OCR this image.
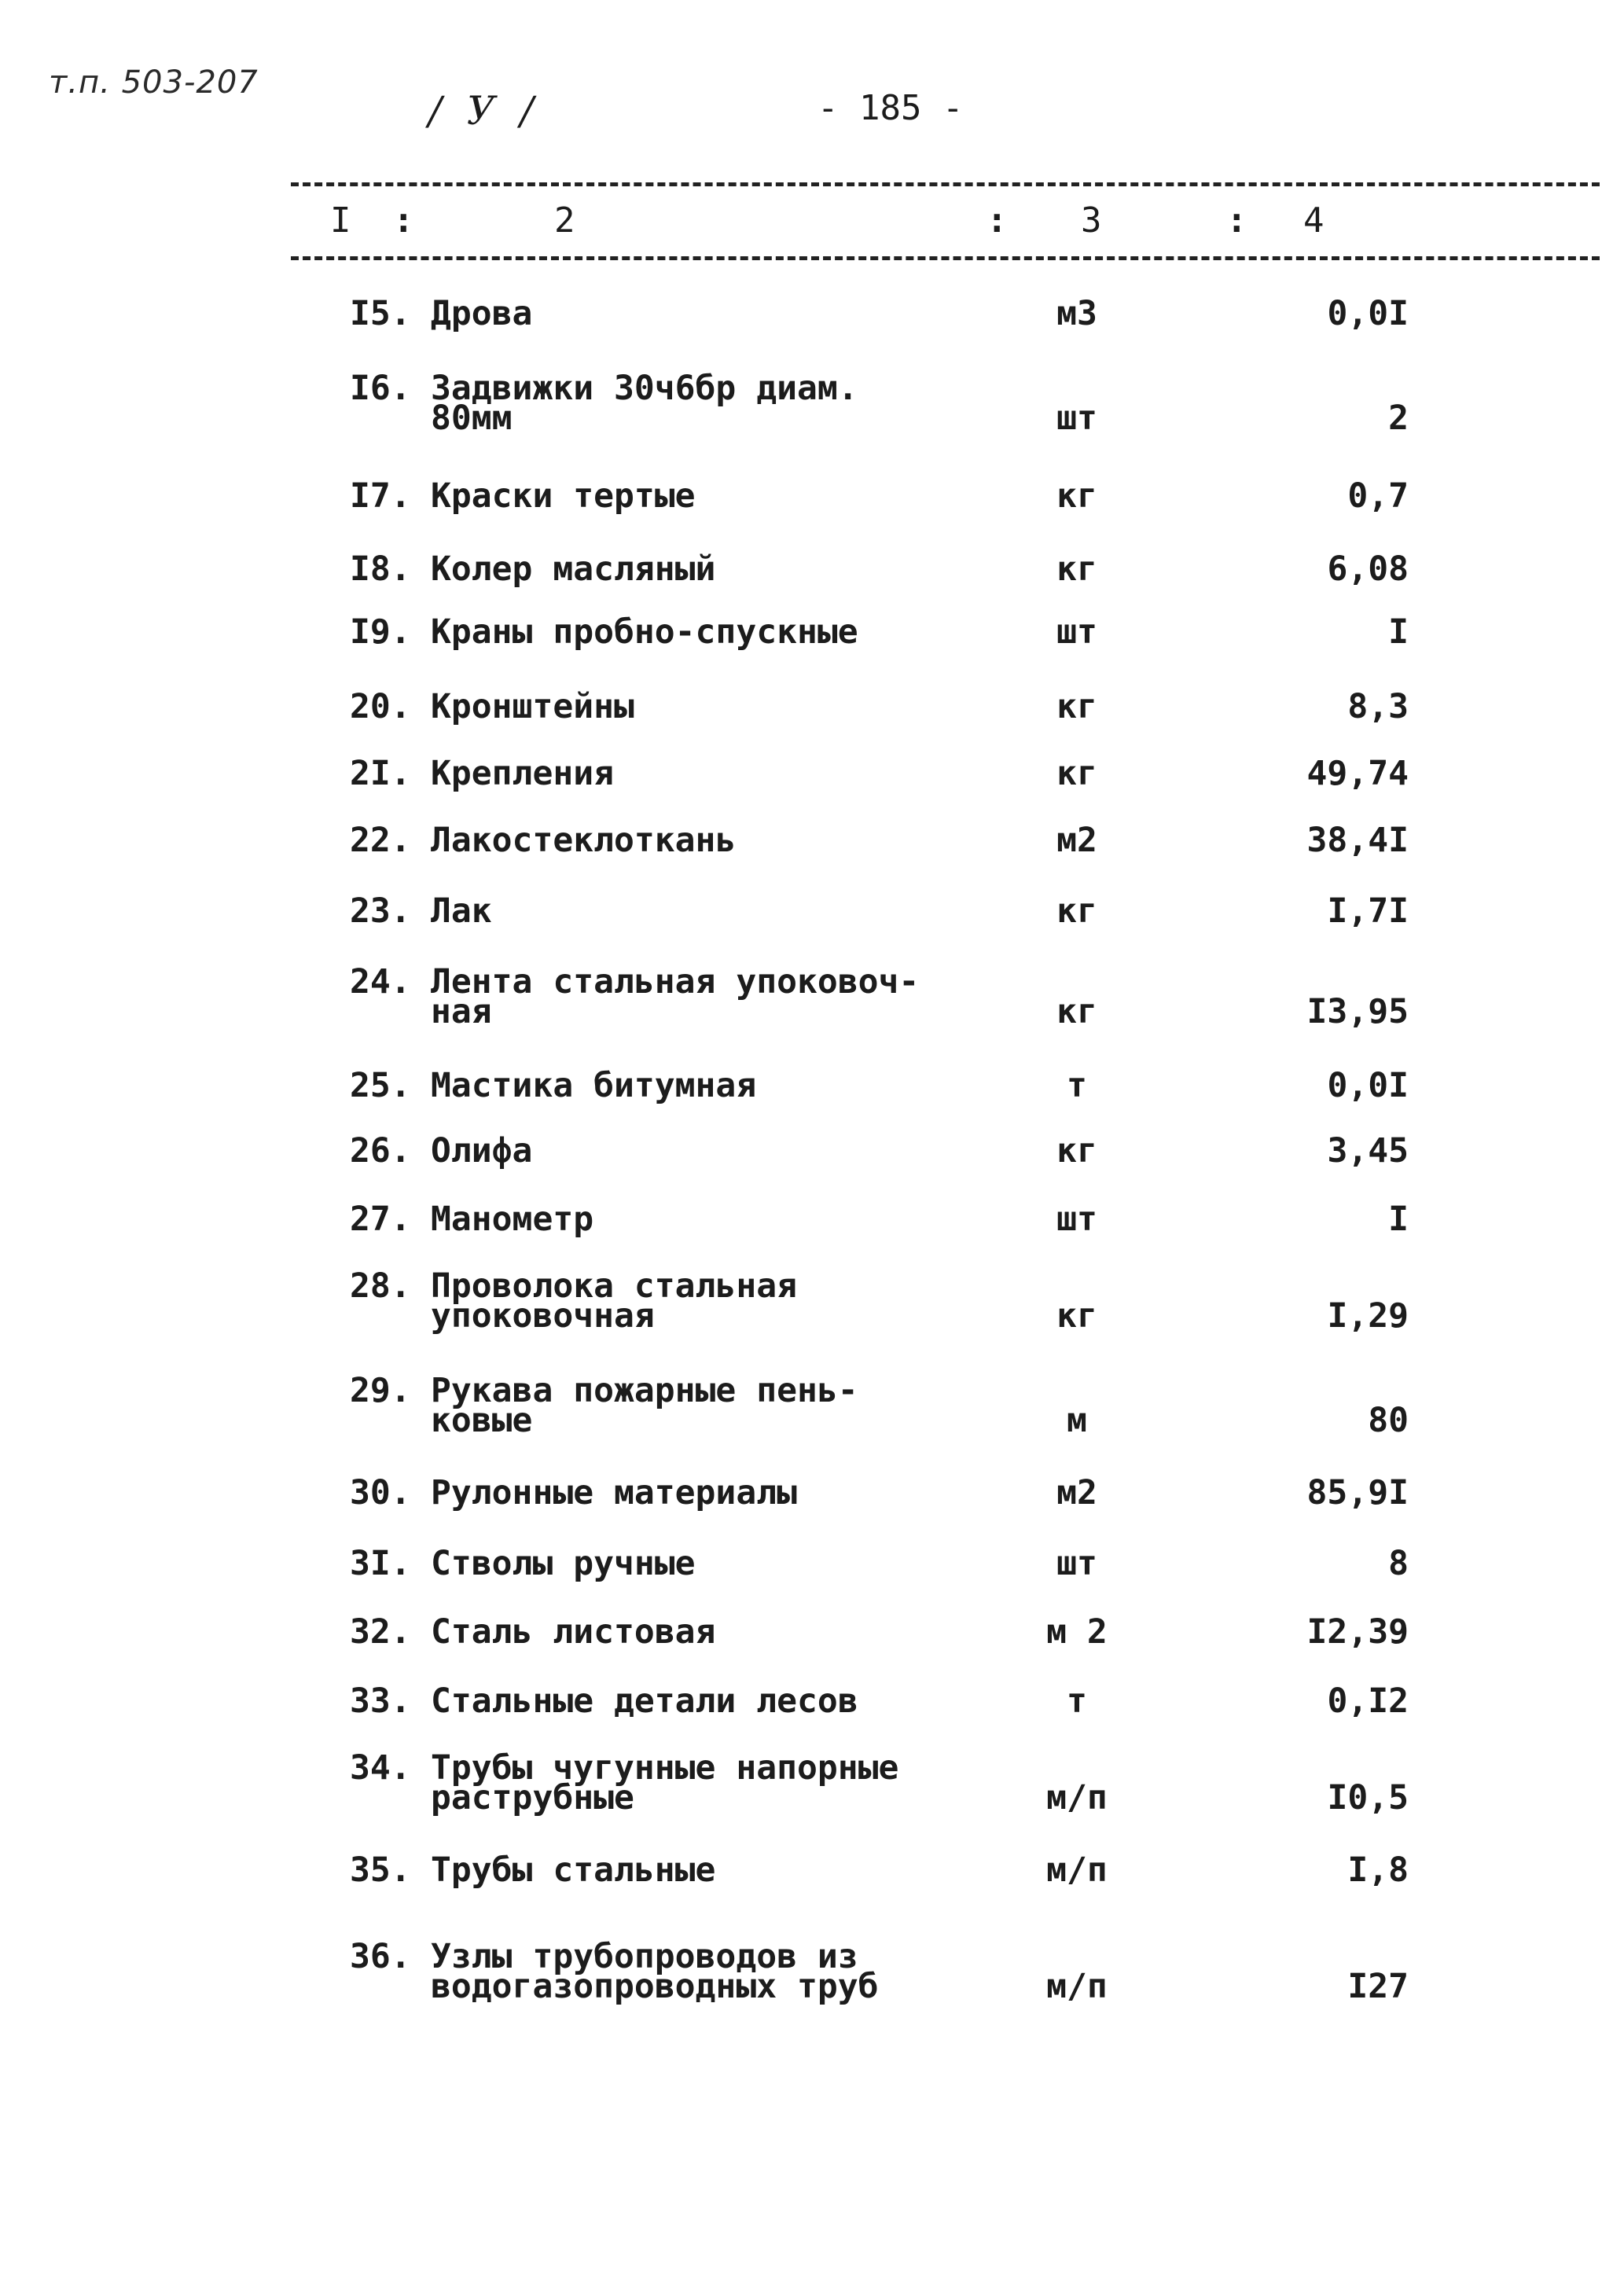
т.п. 503-207
/ У /	- 185 -
I :	2	: 3	: 4
I5. Дрова	м3	0,0I
I6. Задвижки 30ч6бр диам.
80мм	шт	2
I7. Краски тертые	кг	0,7
I8. Колер масляный	кг	6,08
I9. Краны пробно-спускные	шт	I
20. Кронштейны	кг	8,3
2I. Крепления	кг	49,74
22. Лакостеклоткань	м2	38,4I
23. Лак	кг	I,7I
24. Лента стальная упоковоч-
ная	кг	I3,95
25. Мастика битумная	т	0,0I
26. Олифа	кг	3,45
27. Манометр	шт	I
28. Проволока стальная
упоковочная	кг	I,29
29. Рукава пожарные пень-
ковые	м	80
30. Рулонные материалы	м2	85,9I
3I. Стволы ручные	шт	8
32. Сталь листовая	м 2	I2,39
33. Стальные детали лесов	т	0,I2
34. Трубы чугунные напорные
раструбные	м/п	I0,5
35. Трубы стальные	м/п	I,8
36. Узлы трубопроводов из
водогазопроводных труб	м/п	I27
